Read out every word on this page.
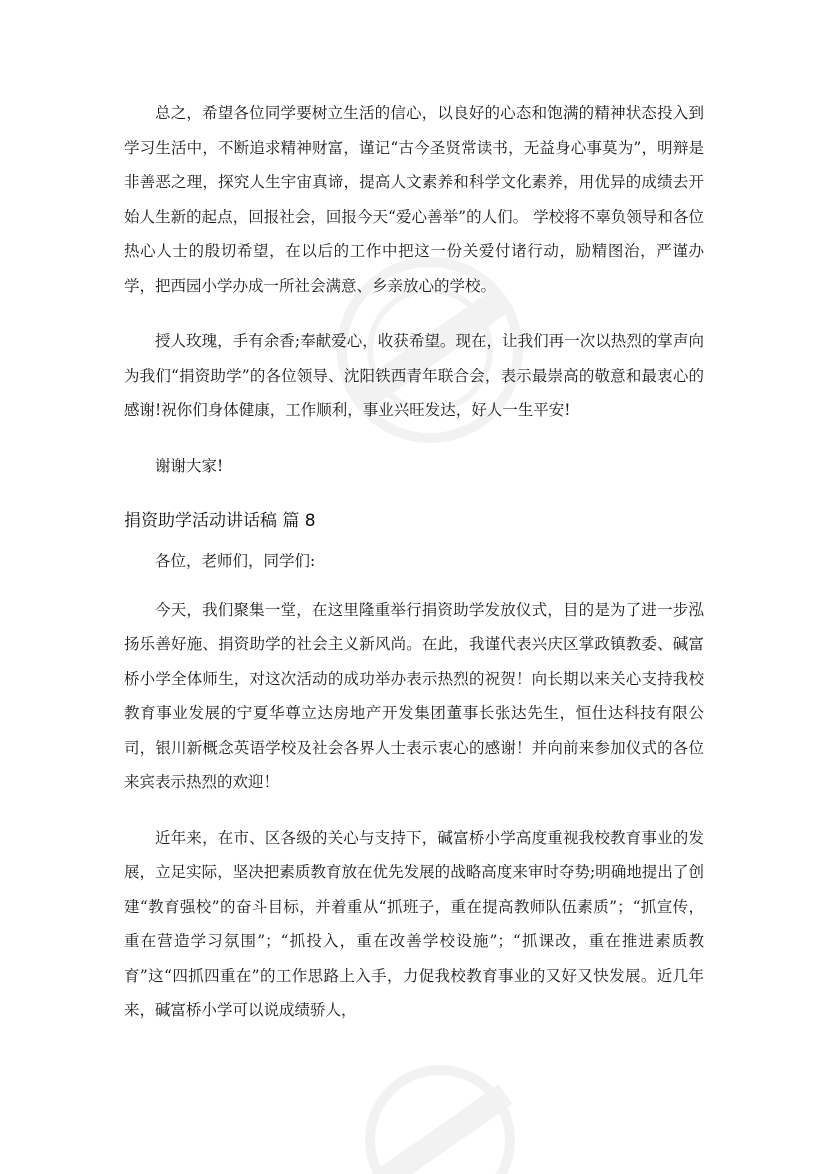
总之，希望各位同学要树立生活的信心，以良好的心态和饱满的精神状态投入到学习生活中，不断追求精神财富，谨记“古今圣贤常读书，无益身心事莫为”，明辩是非善恶之理，探究人生宇宙真谛，提高人文素养和科学文化素养，用优异的成绩去开始人生新的起点，回报社会，回报今天“爱心善举”的人们。 学校将不辜负领导和各位热心人士的殷切希望，在以后的工作中把这一份关爱付诸行动，励精图治，严谨办学，把西园小学办成一所社会满意、乡亲放心的学校。

授人玫瑰，手有余香;奉献爱心，收获希望。现在，让我们再一次以热烈的掌声向为我们“捐资助学”的各位领导、沈阳铁西青年联合会，表示最崇高的敬意和最衷心的感谢!祝你们身体健康，工作顺利，事业兴旺发达，好人一生平安!

谢谢大家!

捐资助学活动讲话稿 篇 8

各位，老师们，同学们:

今天，我们聚集一堂，在这里隆重举行捐资助学发放仪式，目的是为了进一步泓扬乐善好施、捐资助学的社会主义新风尚。在此，我谨代表兴庆区掌政镇教委、碱富桥小学全体师生，对这次活动的成功举办表示热烈的祝贺！向长期以来关心支持我校教育事业发展的宁夏华尊立达房地产开发集团董事长张达先生，恒仕达科技有限公司，银川新概念英语学校及社会各界人士表示衷心的感谢！并向前来参加仪式的各位来宾表示热烈的欢迎！

近年来，在市、区各级的关心与支持下，碱富桥小学高度重视我校教育事业的发展，立足实际，坚决把素质教育放在优先发展的战略高度来审时夺势;明确地提出了创建“教育强校”的奋斗目标，并着重从“抓班子，重在提高教师队伍素质”；“抓宣传，重在营造学习氛围”；“抓投入，重在改善学校设施”；“抓课改，重在推进素质教育”这“四抓四重在”的工作思路上入手，力促我校教育事业的又好又快发展。近几年来，碱富桥小学可以说成绩骄人，
